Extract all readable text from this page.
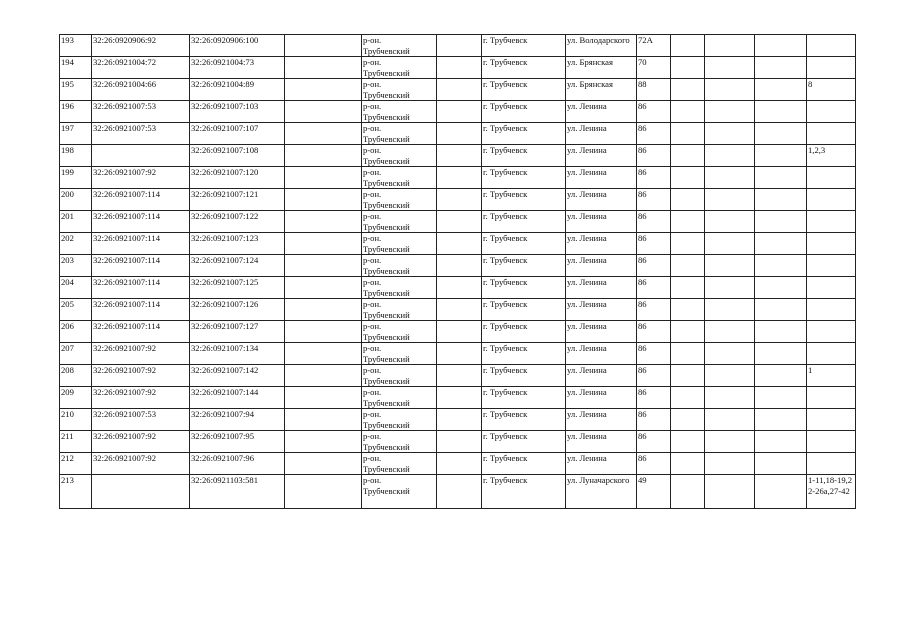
193	32:26:0920906:92	32:26:0920906:100		р-он.
Трубчевский		г. Трубчевск	ул. Володарского	72А				
194	32:26:0921004:72	32:26:0921004:73		р-он.
Трубчевский		г. Трубчевск	ул. Брянская	70				
195	32:26:0921004:66	32:26:0921004:89		р-он.
Трубчевский		г. Трубчевск	ул. Брянская	88				8
196	32:26:0921007:53	32:26:0921007:103		р-он.
Трубчевский		г. Трубчевск	ул. Ленина	86				
197	32:26:0921007:53	32:26:0921007:107		р-он.
Трубчевский		г. Трубчевск	ул. Ленина	86				
198		32:26:0921007:108		р-он.
Трубчевский		г. Трубчевск	ул. Ленина	86				1,2,3
199	32:26:0921007:92	32:26:0921007:120		р-он.
Трубчевский		г. Трубчевск	ул. Ленина	86				
200	32:26:0921007:114	32:26:0921007:121		р-он.
Трубчевский		г. Трубчевск	ул. Ленина	86				
201	32:26:0921007:114	32:26:0921007:122		р-он.
Трубчевский		г. Трубчевск	ул. Ленина	86				
202	32:26:0921007:114	32:26:0921007:123		р-он.
Трубчевский		г. Трубчевск	ул. Ленина	86				
203	32:26:0921007:114	32:26:0921007:124		р-он.
Трубчевский		г. Трубчевск	ул. Ленина	86				
204	32:26:0921007:114	32:26:0921007:125		р-он.
Трубчевский		г. Трубчевск	ул. Ленина	86				
205	32:26:0921007:114	32:26:0921007:126		р-он.
Трубчевский		г. Трубчевск	ул. Ленина	86				
206	32:26:0921007:114	32:26:0921007:127		р-он.
Трубчевский		г. Трубчевск	ул. Ленина	86				
207	32:26:0921007:92	32:26:0921007:134		р-он.
Трубчевский		г. Трубчевск	ул. Ленина	86				
208	32:26:0921007:92	32:26:0921007:142		р-он.
Трубчевский		г. Трубчевск	ул. Ленина	86				1
209	32:26:0921007:92	32:26:0921007:144		р-он.
Трубчевский		г. Трубчевск	ул. Ленина	86				
210	32:26:0921007:53	32:26:0921007:94		р-он.
Трубчевский		г. Трубчевск	ул. Ленина	86				
211	32:26:0921007:92	32:26:0921007:95		р-он.
Трубчевский		г. Трубчевск	ул. Ленина	86				
212	32:26:0921007:92	32:26:0921007:96		р-он.
Трубчевский		г. Трубчевск	ул. Ленина	86				
213		32:26:0921103:581		р-он.
Трубчевский		г. Трубчевск	ул. Луначарского	49				1-11,18-19,22-26а,27-42
